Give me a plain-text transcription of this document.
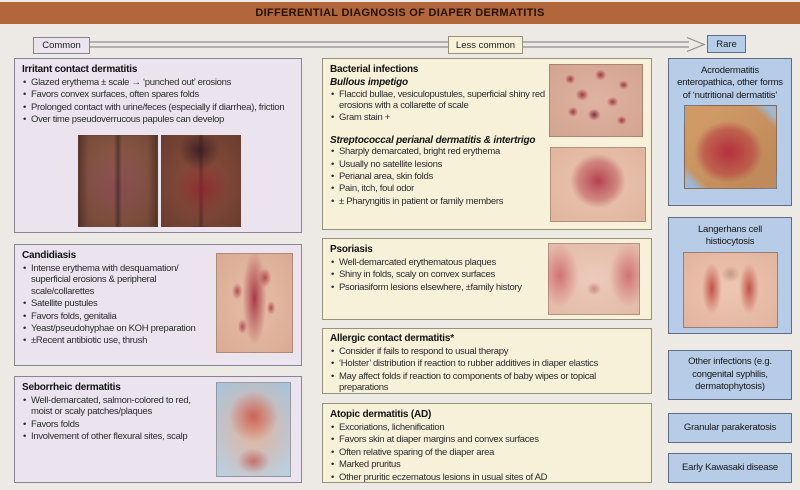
DIFFERENTIAL DIAGNOSIS OF DIAPER DERMATITIS
Common	Less common	Rare
Irritant contact dermatitis
• Glazed erythema ± scale → ‘punched out’ erosions
• Favors convex surfaces, often spares folds
• Prolonged contact with urine/feces (especially if diarrhea), friction
• Over time pseudoverrucous papules can develop
Candidiasis
• Intense erythema with desquamation/ superficial erosions & peripheral scale/collarettes
• Satellite pustules
• Favors folds, genitalia
• Yeast/pseudohyphae on KOH preparation
• ±Recent antibiotic use, thrush
Seborrheic dermatitis
• Well-demarcated, salmon-colored to red, moist or scaly patches/plaques
• Favors folds
• Involvement of other flexural sites, scalp
Bacterial infections
Bullous impetigo
• Flaccid bullae, vesiculopustules, superficial shiny red erosions with a collarette of scale
• Gram stain +
Streptococcal perianal dermatitis & intertrigo
• Sharply demarcated, bright red erythema
• Usually no satellite lesions
• Perianal area, skin folds
• Pain, itch, foul odor
• ± Pharyngitis in patient or family members
Psoriasis
• Well-demarcated erythematous plaques
• Shiny in folds, scaly on convex surfaces
• Psoriasiform lesions elsewhere, ±family history
Allergic contact dermatitis*
• Consider if fails to respond to usual therapy
• ‘Holster’ distribution if reaction to rubber additives in diaper elastics
• May affect folds if reaction to components of baby wipes or topical preparations
Atopic dermatitis (AD)
• Excoriations, lichenification
• Favors skin at diaper margins and convex surfaces
• Often relative sparing of the diaper area
• Marked pruritus
• Other pruritic eczematous lesions in usual sites of AD
Acrodermatitis enteropathica, other forms of ‘nutritional dermatitis’
Langerhans cell histiocytosis
Other infections (e.g. congenital syphilis, dermatophytosis)
Granular parakeratosis
Early Kawasaki disease
